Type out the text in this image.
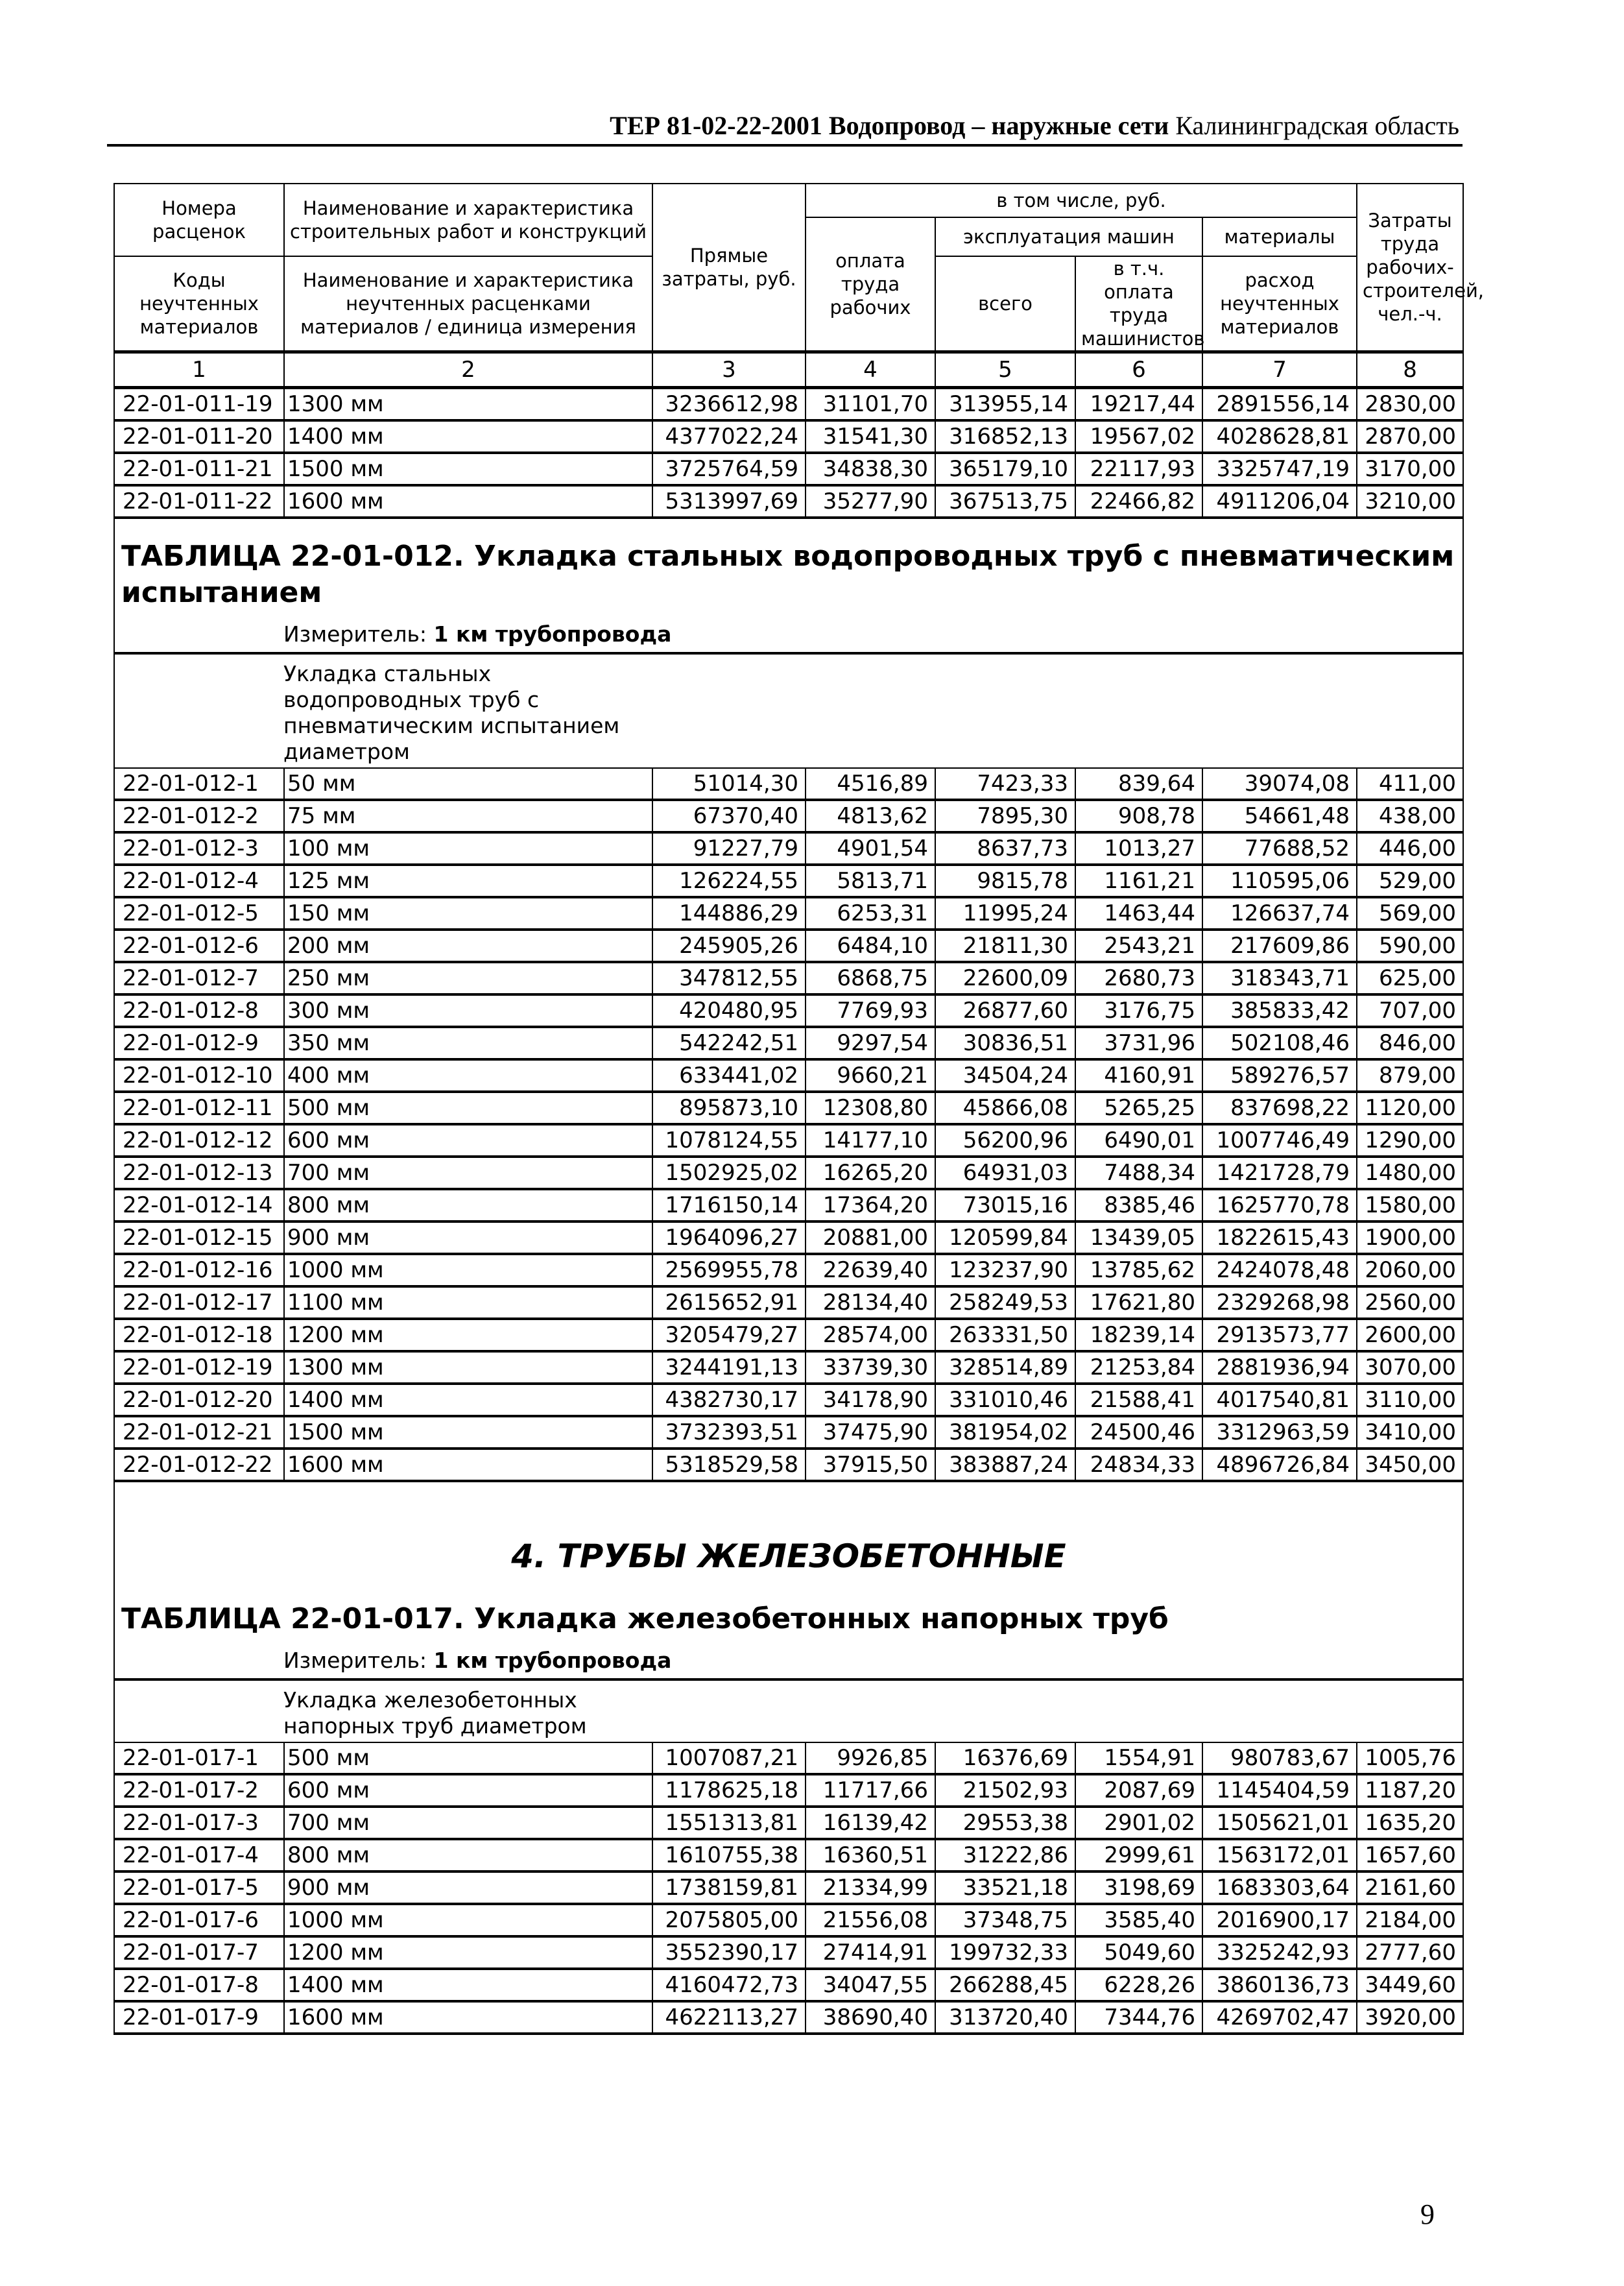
ТЕР 81-02-22-2001 Водопровод – наружные сети Калининградская область
Номера расценок	Наименование и характеристика строительных работ и конструкций	Прямые затраты, руб.	в том числе, руб.				Затраты труда рабочих-строителей, чел.-ч.
			оплата труда рабочих	эксплуатация машин		материалы	
Коды неучтенных материалов	Наименование и характеристика неучтенных расценками материалов / единица измерения			всего	в т.ч. оплата труда машинистов	расход неучтенных материалов	

1	2	3	4	5	6	7	8
22-01-011-19	1300 мм	3236612,98	31101,70	313955,14	19217,44	2891556,14	2830,00
22-01-011-20	1400 мм	4377022,24	31541,30	316852,13	19567,02	4028628,81	2870,00
22-01-011-21	1500 мм	3725764,59	34838,30	365179,10	22117,93	3325747,19	3170,00
22-01-011-22	1600 мм	5313997,69	35277,90	367513,75	22466,82	4911206,04	3210,00

ТАБЛИЦА 22-01-012. Укладка стальных водопроводных труб с пневматическим испытанием
Измеритель: 1 км трубопровода							

Укладка стальных водопроводных труб с пневматическим испытанием диаметром							

22-01-012-1	50 мм	51014,30	4516,89	7423,33	839,64	39074,08	411,00
22-01-012-2	75 мм	67370,40	4813,62	7895,30	908,78	54661,48	438,00
22-01-012-3	100 мм	91227,79	4901,54	8637,73	1013,27	77688,52	446,00
22-01-012-4	125 мм	126224,55	5813,71	9815,78	1161,21	110595,06	529,00
22-01-012-5	150 мм	144886,29	6253,31	11995,24	1463,44	126637,74	569,00
22-01-012-6	200 мм	245905,26	6484,10	21811,30	2543,21	217609,86	590,00
22-01-012-7	250 мм	347812,55	6868,75	22600,09	2680,73	318343,71	625,00
22-01-012-8	300 мм	420480,95	7769,93	26877,60	3176,75	385833,42	707,00
22-01-012-9	350 мм	542242,51	9297,54	30836,51	3731,96	502108,46	846,00
22-01-012-10	400 мм	633441,02	9660,21	34504,24	4160,91	589276,57	879,00
22-01-012-11	500 мм	895873,10	12308,80	45866,08	5265,25	837698,22	1120,00
22-01-012-12	600 мм	1078124,55	14177,10	56200,96	6490,01	1007746,49	1290,00
22-01-012-13	700 мм	1502925,02	16265,20	64931,03	7488,34	1421728,79	1480,00
22-01-012-14	800 мм	1716150,14	17364,20	73015,16	8385,46	1625770,78	1580,00
22-01-012-15	900 мм	1964096,27	20881,00	120599,84	13439,05	1822615,43	1900,00
22-01-012-16	1000 мм	2569955,78	22639,40	123237,90	13785,62	2424078,48	2060,00
22-01-012-17	1100 мм	2615652,91	28134,40	258249,53	17621,80	2329268,98	2560,00
22-01-012-18	1200 мм	3205479,27	28574,00	263331,50	18239,14	2913573,77	2600,00
22-01-012-19	1300 мм	3244191,13	33739,30	328514,89	21253,84	2881936,94	3070,00
22-01-012-20	1400 мм	4382730,17	34178,90	331010,46	21588,41	4017540,81	3110,00
22-01-012-21	1500 мм	3732393,51	37475,90	381954,02	24500,46	3312963,59	3410,00
22-01-012-22	1600 мм	5318529,58	37915,50	383887,24	24834,33	4896726,84	3450,00

4. ТРУБЫ ЖЕЛЕЗОБЕТОННЫЕ
ТАБЛИЦА 22-01-017. Укладка железобетонных напорных труб
Измеритель: 1 км трубопровода							

Укладка железобетонных
напорных труб диаметром							

22-01-017-1	500 мм	1007087,21	9926,85	16376,69	1554,91	980783,67	1005,76
22-01-017-2	600 мм	1178625,18	11717,66	21502,93	2087,69	1145404,59	1187,20
22-01-017-3	700 мм	1551313,81	16139,42	29553,38	2901,02	1505621,01	1635,20
22-01-017-4	800 мм	1610755,38	16360,51	31222,86	2999,61	1563172,01	1657,60
22-01-017-5	900 мм	1738159,81	21334,99	33521,18	3198,69	1683303,64	2161,60
22-01-017-6	1000 мм	2075805,00	21556,08	37348,75	3585,40	2016900,17	2184,00
22-01-017-7	1200 мм	3552390,17	27414,91	199732,33	5049,60	3325242,93	2777,60
22-01-017-8	1400 мм	4160472,73	34047,55	266288,45	6228,26	3860136,73	3449,60
22-01-017-9	1600 мм	4622113,27	38690,40	313720,40	7344,76	4269702,47	3920,00
9
